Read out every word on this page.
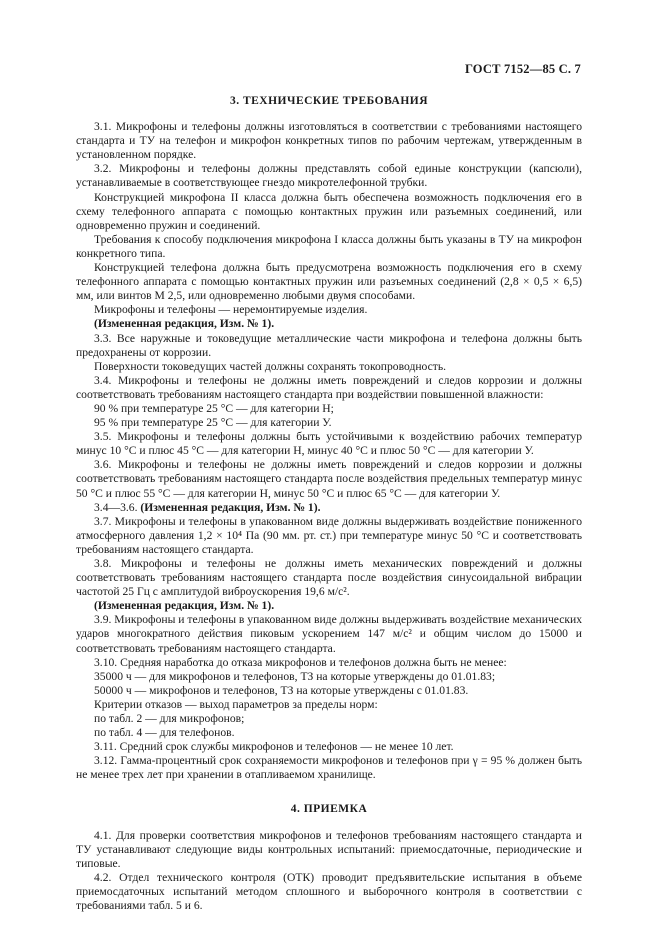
ГОСТ 7152—85 С. 7
3. ТЕХНИЧЕСКИЕ ТРЕБОВАНИЯ

3.1. Микрофоны и телефоны должны изготовляться в соответствии с требованиями настоящего стандарта и ТУ на телефон и микрофон конкретных типов по рабочим чертежам, утвержденным в установленном порядке.

3.2. Микрофоны и телефоны должны представлять собой единые конструкции (капсюли), устанавливаемые в соответствующее гнездо микротелефонной трубки.

Конструкцией микрофона II класса должна быть обеспечена возможность подключения его в схему телефонного аппарата с помощью контактных пружин или разъемных соединений, или одновременно пружин и соединений.

Требования к способу подключения микрофона I класса должны быть указаны в ТУ на микрофон конкретного типа.

Конструкцией телефона должна быть предусмотрена возможность подключения его в схему телефонного аппарата с помощью контактных пружин или разъемных соединений (2,8 × 0,5 × 6,5) мм, или винтов М 2,5, или одновременно любыми двумя способами.

Микрофоны и телефоны — неремонтируемые изделия.

(Измененная редакция, Изм. № 1).

3.3. Все наружные и токоведущие металлические части микрофона и телефона должны быть предохранены от коррозии.

Поверхности токоведущих частей должны сохранять токопроводность.

3.4. Микрофоны и телефоны не должны иметь повреждений и следов коррозии и должны соответствовать требованиям настоящего стандарта при воздействии повышенной влажности:

90 % при температуре 25 °С — для категории Н;

95 % при температуре 25 °С — для категории У.

3.5. Микрофоны и телефоны должны быть устойчивыми к воздействию рабочих температур минус 10 °С и плюс 45 °С — для категории Н, минус 40 °С и плюс 50 °С — для категории У.

3.6. Микрофоны и телефоны не должны иметь повреждений и следов коррозии и должны соответствовать требованиям настоящего стандарта после воздействия предельных температур минус 50 °С и плюс 55 °С — для категории Н, минус 50 °С и плюс 65 °С — для категории У.

3.4—3.6. (Измененная редакция, Изм. № 1).

3.7. Микрофоны и телефоны в упакованном виде должны выдерживать воздействие пониженного атмосферного давления 1,2 × 10⁴ Па (90 мм. рт. ст.) при температуре минус 50 °С и соответствовать требованиям настоящего стандарта.

3.8. Микрофоны и телефоны не должны иметь механических повреждений и должны соответствовать требованиям настоящего стандарта после воздействия синусоидальной вибрации частотой 25 Гц с амплитудой виброускорения 19,6 м/с².

(Измененная редакция, Изм. № 1).

3.9. Микрофоны и телефоны в упакованном виде должны выдерживать воздействие механических ударов многократного действия пиковым ускорением 147 м/с² и общим числом до 15000 и соответствовать требованиям настоящего стандарта.

3.10. Средняя наработка до отказа микрофонов и телефонов должна быть не менее:

35000 ч — для микрофонов и телефонов, ТЗ на которые утверждены до 01.01.83;

50000 ч — микрофонов и телефонов, ТЗ на которые утверждены с 01.01.83.

Критерии отказов — выход параметров за пределы норм:

по табл. 2 — для микрофонов;

по табл. 4 — для телефонов.

3.11. Средний срок службы микрофонов и телефонов — не менее 10 лет.

3.12. Гамма-процентный срок сохраняемости микрофонов и телефонов при γ = 95 % должен быть не менее трех лет при хранении в отапливаемом хранилище.

4. ПРИЕМКА

4.1. Для проверки соответствия микрофонов и телефонов требованиям настоящего стандарта и ТУ устанавливают следующие виды контрольных испытаний: приемосдаточные, периодические и типовые.

4.2. Отдел технического контроля (ОТК) проводит предъявительские испытания в объеме приемосдаточных испытаний методом сплошного и выборочного контроля в соответствии с требованиями табл. 5 и 6.
